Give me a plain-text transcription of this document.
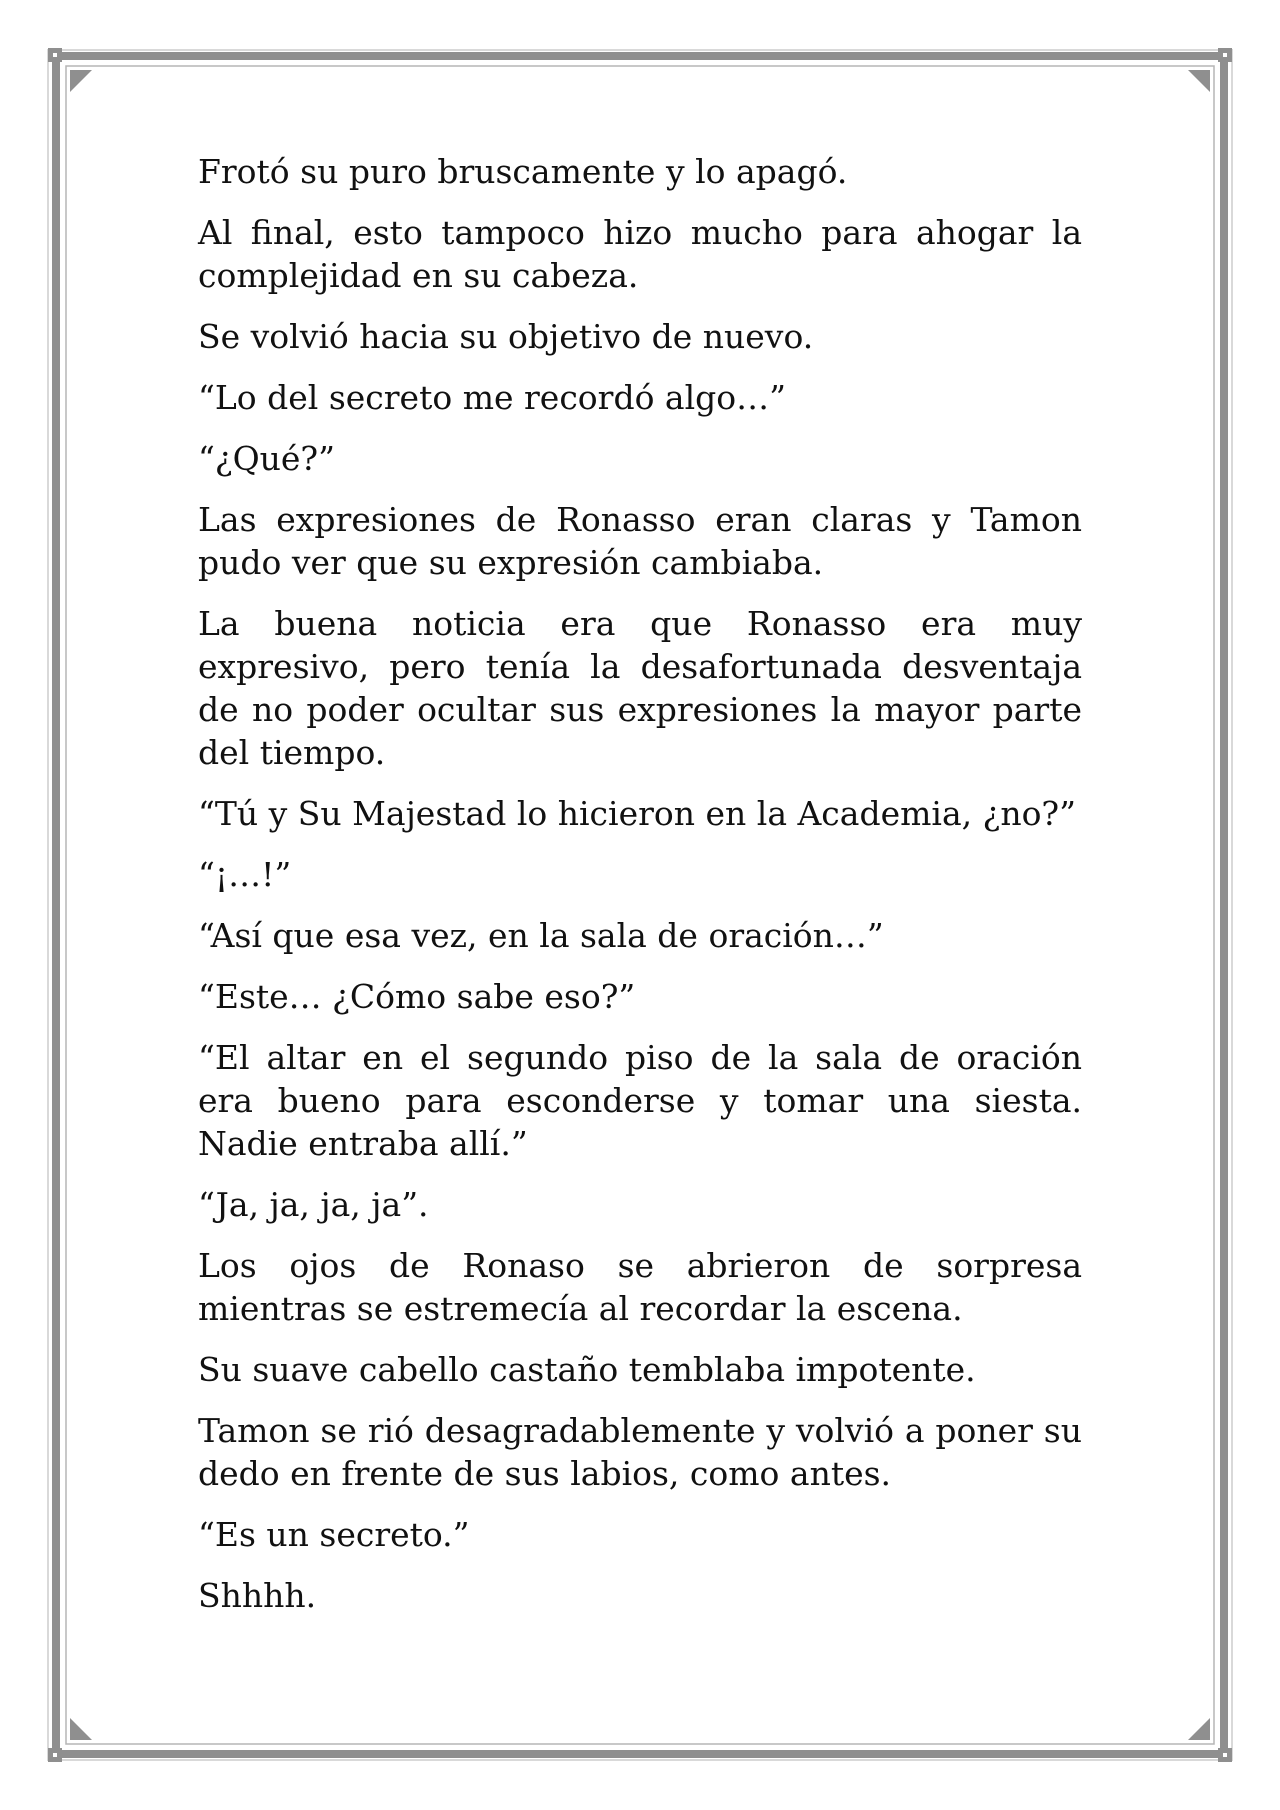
Frotó su puro bruscamente y lo apagó.

Al final, esto tampoco hizo mucho para ahogar la complejidad en su cabeza.

Se volvió hacia su objetivo de nuevo.

“Lo del secreto me recordó algo…”

“¿Qué?”

Las expresiones de Ronasso eran claras y Tamon pudo ver que su expresión cambiaba.

La buena noticia era que Ronasso era muy expresivo, pero tenía la desafortunada desventaja de no poder ocultar sus expresiones la mayor parte del tiempo.

“Tú y Su Majestad lo hicieron en la Academia, ¿no?”

“¡…!”

“Así que esa vez, en la sala de oración…”

“Este… ¿Cómo sabe eso?”

“El altar en el segundo piso de la sala de oración era bueno para esconderse y tomar una siesta. Nadie entraba allí.”

“Ja, ja, ja, ja”.

Los ojos de Ronaso se abrieron de sorpresa mientras se estremecía al recordar la escena.

Su suave cabello castaño temblaba impotente.

Tamon se rió desagradablemente y volvió a poner su dedo en frente de sus labios, como antes.

“Es un secreto.”

Shhhh.
